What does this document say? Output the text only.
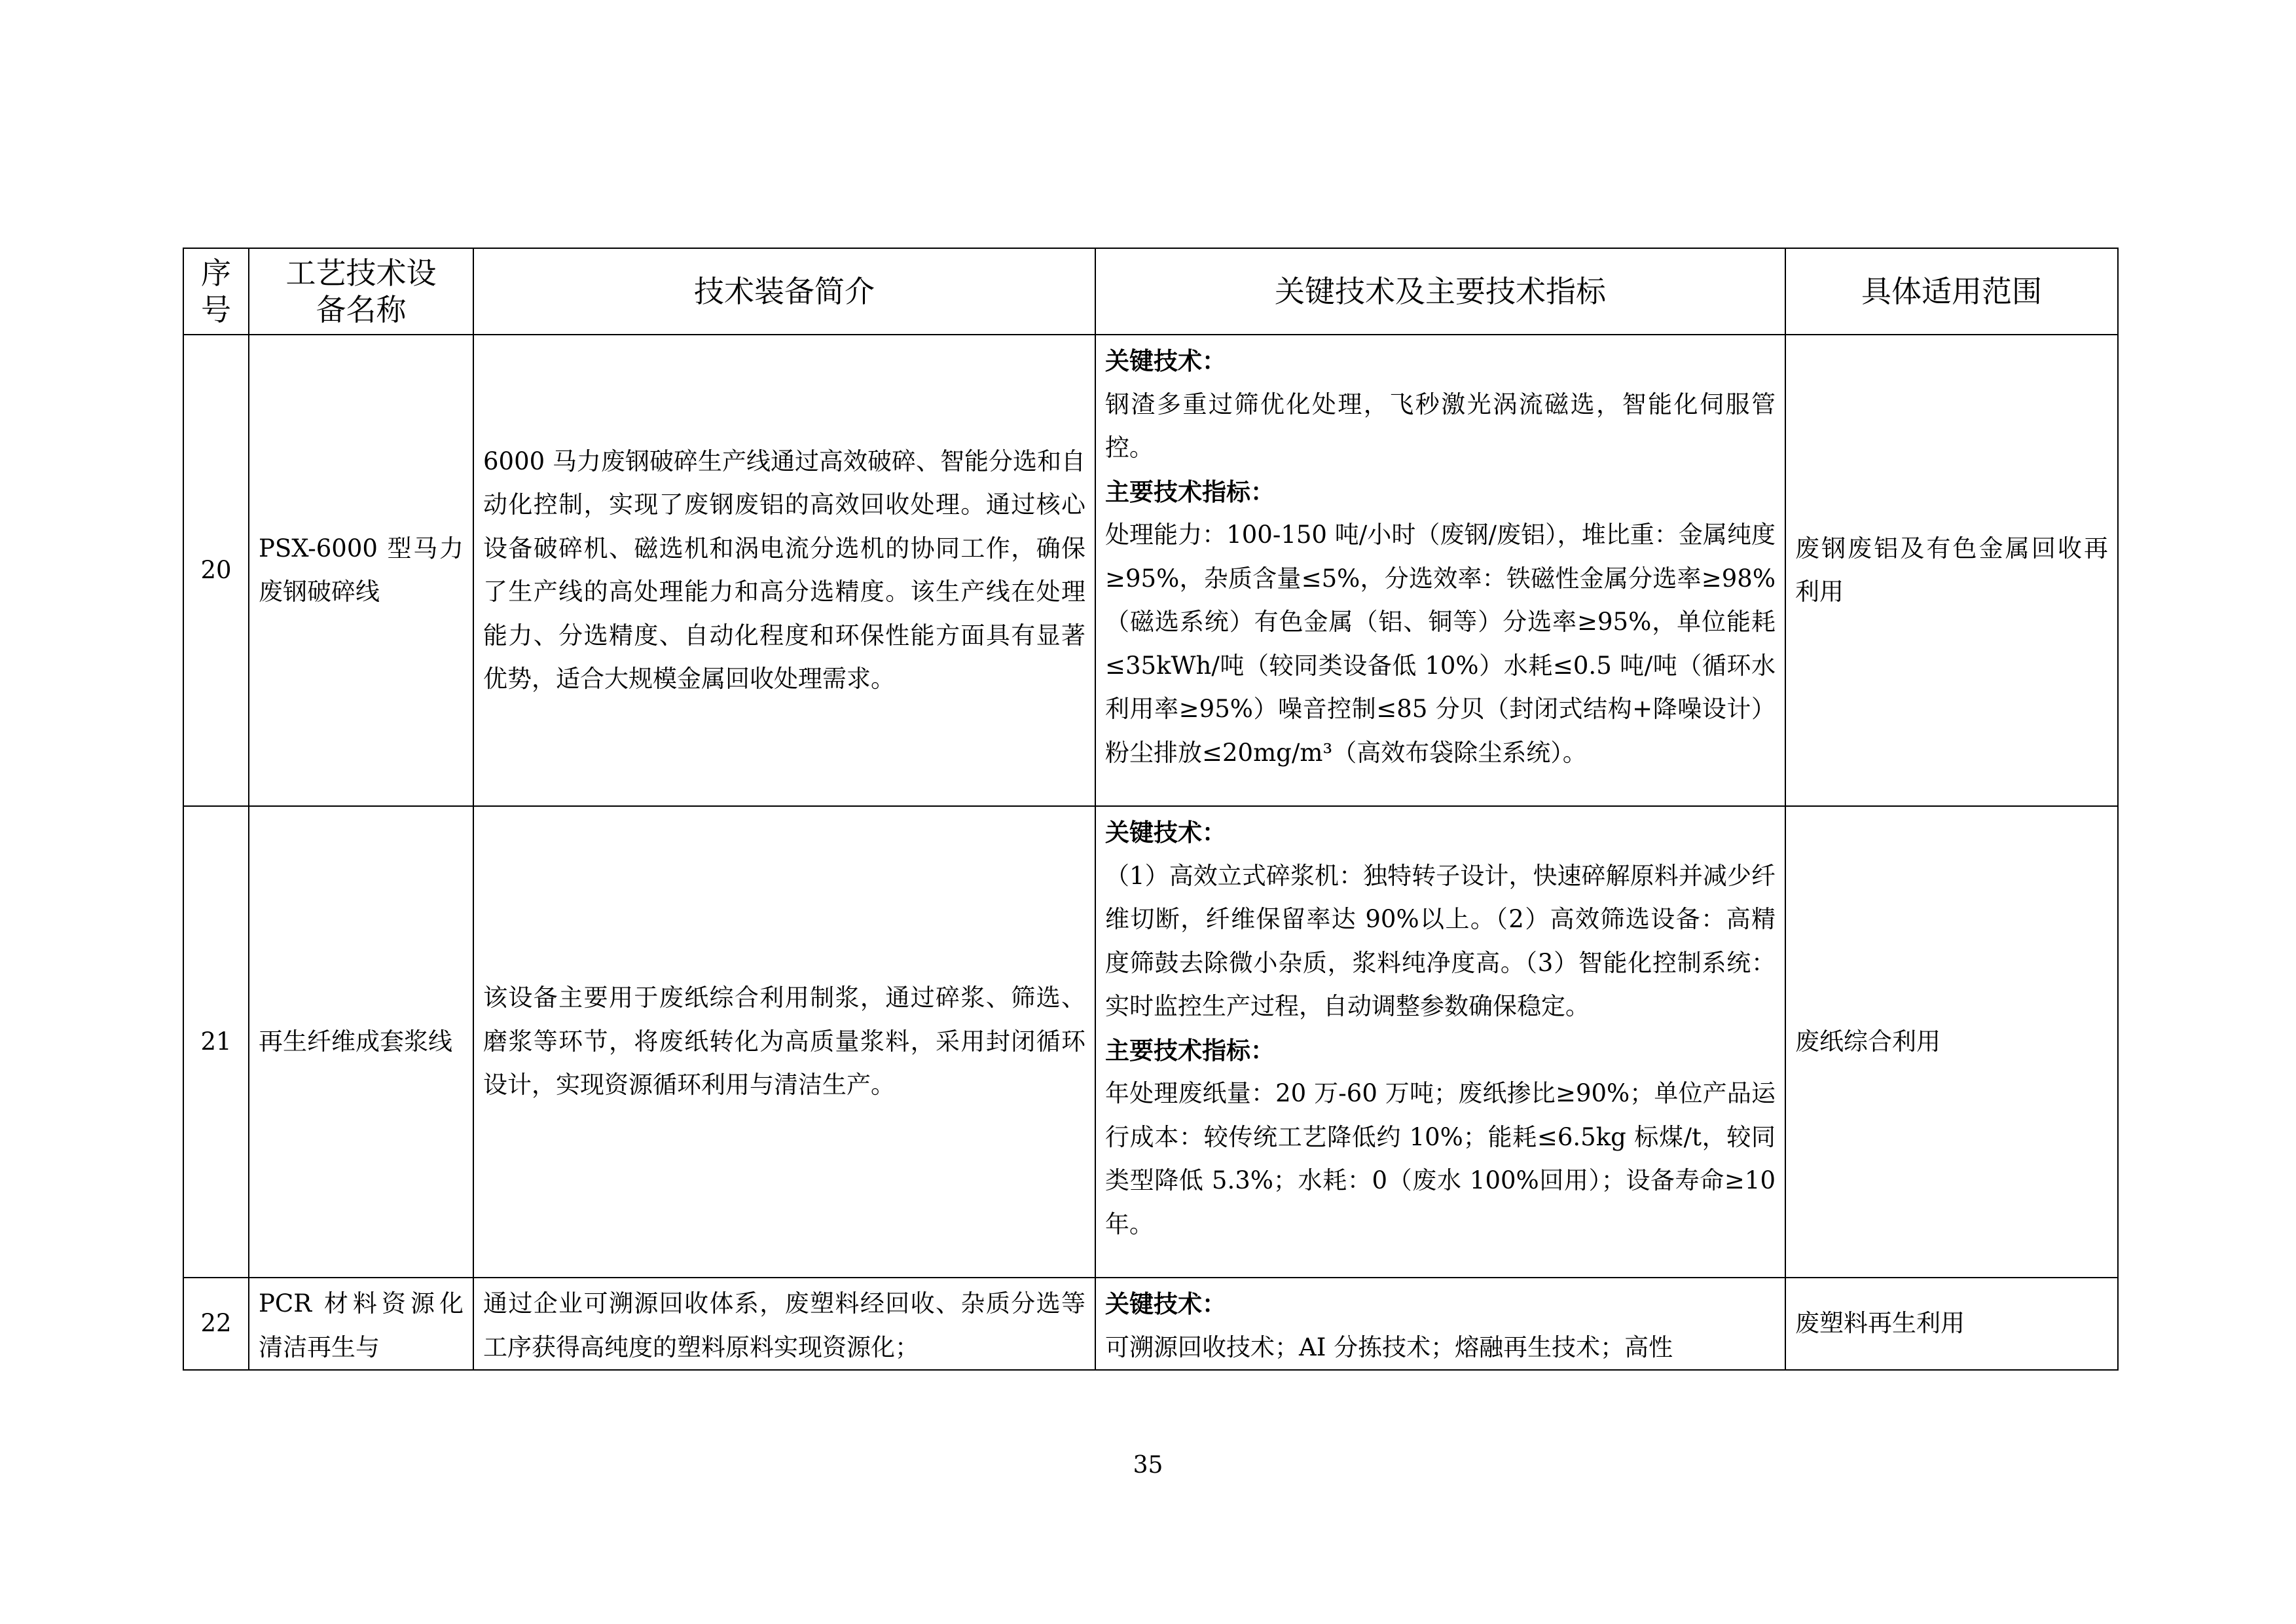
序号	工艺技术设备名称	技术装备简介	关键技术及主要技术指标	具体适用范围
20	PSX-6000 型马力废钢破碎线	6000 马力废钢破碎生产线通过高效破碎、智能分选和自动化控制，实现了废钢废铝的高效回收处理。通过核心设备破碎机、磁选机和涡电流分选机的协同工作，确保了生产线的高处理能力和高分选精度。该生产线在处理能力、分选精度、自动化程度和环保性能方面具有显著优势，适合大规模金属回收处理需求。	关键技术：
钢渣多重过筛优化处理，飞秒激光涡流磁选，智能化伺服管控。
主要技术指标：
处理能力：100-150 吨/小时（废钢/废铝），堆比重：金属纯度≥95%，杂质含量≤5%，分选效率：铁磁性金属分选率≥98%（磁选系统）有色金属（铝、铜等）分选率≥95%，单位能耗≤35kWh/吨（较同类设备低 10%）水耗≤0.5 吨/吨（循环水利用率≥95%）噪音控制≤85 分贝（封闭式结构+降噪设计）粉尘排放≤20mg/m³（高效布袋除尘系统）。	废钢废铝及有色金属回收再利用
21	再生纤维成套浆线	该设备主要用于废纸综合利用制浆，通过碎浆、筛选、磨浆等环节，将废纸转化为高质量浆料，采用封闭循环设计，实现资源循环利用与清洁生产。	关键技术：
（1）高效立式碎浆机：独特转子设计，快速碎解原料并减少纤维切断，纤维保留率达 90%以上。（2）高效筛选设备：高精度筛鼓去除微小杂质，浆料纯净度高。（3）智能化控制系统：实时监控生产过程，自动调整参数确保稳定。
主要技术指标：
年处理废纸量：20 万-60 万吨；废纸掺比≥90%；单位产品运行成本：较传统工艺降低约 10%；能耗≤6.5kg 标煤/t，较同类型降低 5.3%；水耗：0（废水 100%回用）；设备寿命≥10 年。	废纸综合利用
22	PCR 材料资源化清洁再生与	通过企业可溯源回收体系，废塑料经回收、杂质分选等工序获得高纯度的塑料原料实现资源化；	关键技术：
可溯源回收技术；AI 分拣技术；熔融再生技术；高性	废塑料再生利用
35
